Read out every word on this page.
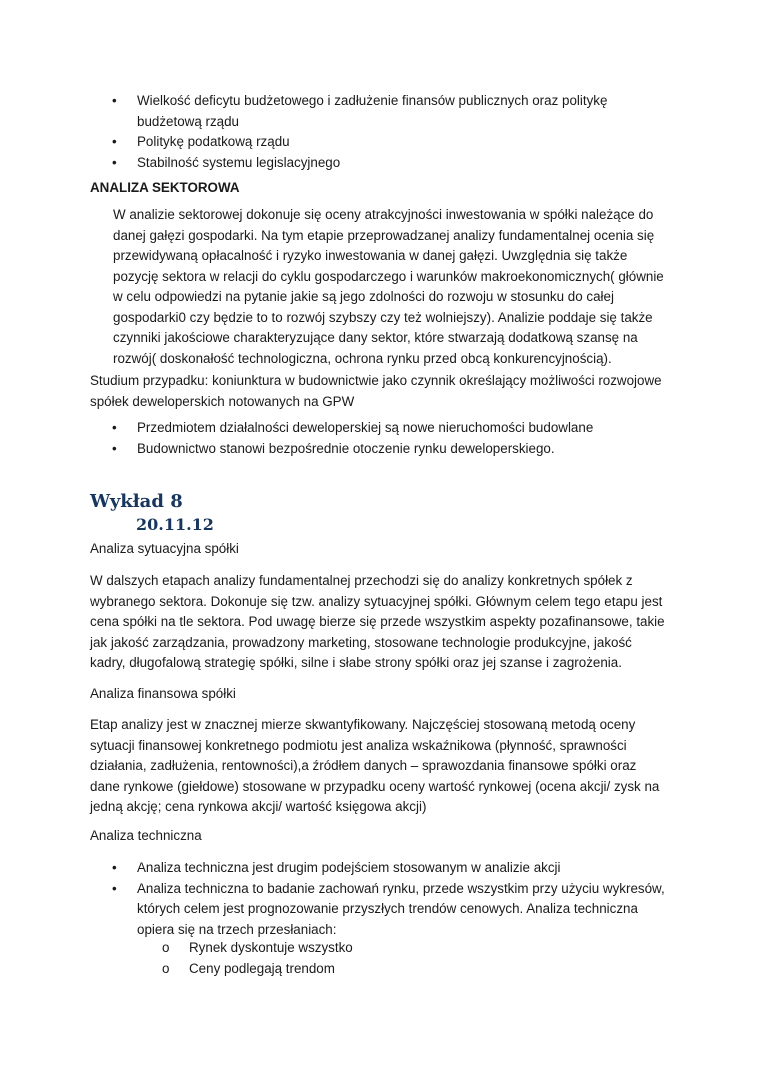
• Wielkość deficytu budżetowego i zadłużenie finansów publicznych oraz politykę budżetową rządu
• Politykę podatkową rządu
• Stabilność systemu legislacyjnego
ANALIZA SEKTOROWA
W analizie sektorowej dokonuje się oceny atrakcyjności inwestowania w spółki należące do danej gałęzi gospodarki. Na tym etapie przeprowadzanej analizy fundamentalnej ocenia się przewidywaną opłacalność i ryzyko inwestowania w danej gałęzi. Uwzględnia się także pozycję sektora w relacji do cyklu gospodarczego i warunków makroekonomicznych( głównie w celu odpowiedzi na pytanie jakie są jego zdolności do rozwoju w stosunku do całej gospodarki0 czy będzie to to rozwój szybszy czy też wolniejszy). Analizie poddaje się także czynniki jakościowe charakteryzujące dany sektor, które stwarzają dodatkową szansę na rozwój( doskonałość technologiczna, ochrona rynku przed obcą konkurencyjnością).
Studium przypadku: koniunktura w budownictwie jako czynnik określający możliwości rozwojowe spółek deweloperskich notowanych na GPW
• Przedmiotem działalności deweloperskiej są nowe nieruchomości budowlane
• Budownictwo stanowi bezpośrednie otoczenie rynku deweloperskiego.
Wykład 8
20.11.12
Analiza sytuacyjna spółki
W dalszych etapach analizy fundamentalnej przechodzi się do analizy konkretnych spółek z wybranego sektora. Dokonuje się tzw. analizy sytuacyjnej spółki. Głównym celem tego etapu jest cena spółki na tle sektora. Pod uwagę bierze się przede wszystkim aspekty pozafinansowe, takie jak jakość zarządzania, prowadzony marketing, stosowane technologie produkcyjne, jakość kadry, długofalową strategię spółki, silne i słabe strony spółki oraz jej szanse i zagrożenia.
Analiza finansowa spółki
Etap analizy jest w znacznej mierze skwantyfikowany. Najczęściej stosowaną metodą oceny sytuacji finansowej konkretnego podmiotu jest analiza wskaźnikowa (płynność, sprawności działania, zadłużenia, rentowności),a źródłem danych – sprawozdania finansowe spółki oraz dane rynkowe (giełdowe) stosowane w przypadku oceny wartość rynkowej (ocena akcji/ zysk na jedną akcję; cena rynkowa akcji/ wartość księgowa akcji)
Analiza techniczna
• Analiza techniczna jest drugim podejściem stosowanym w analizie akcji
• Analiza techniczna to badanie zachowań rynku, przede wszystkim przy użyciu wykresów, których celem jest prognozowanie przyszłych trendów cenowych. Analiza techniczna opiera się na trzech przesłaniach:
o Rynek dyskontuje wszystko
o Ceny podlegają trendom
